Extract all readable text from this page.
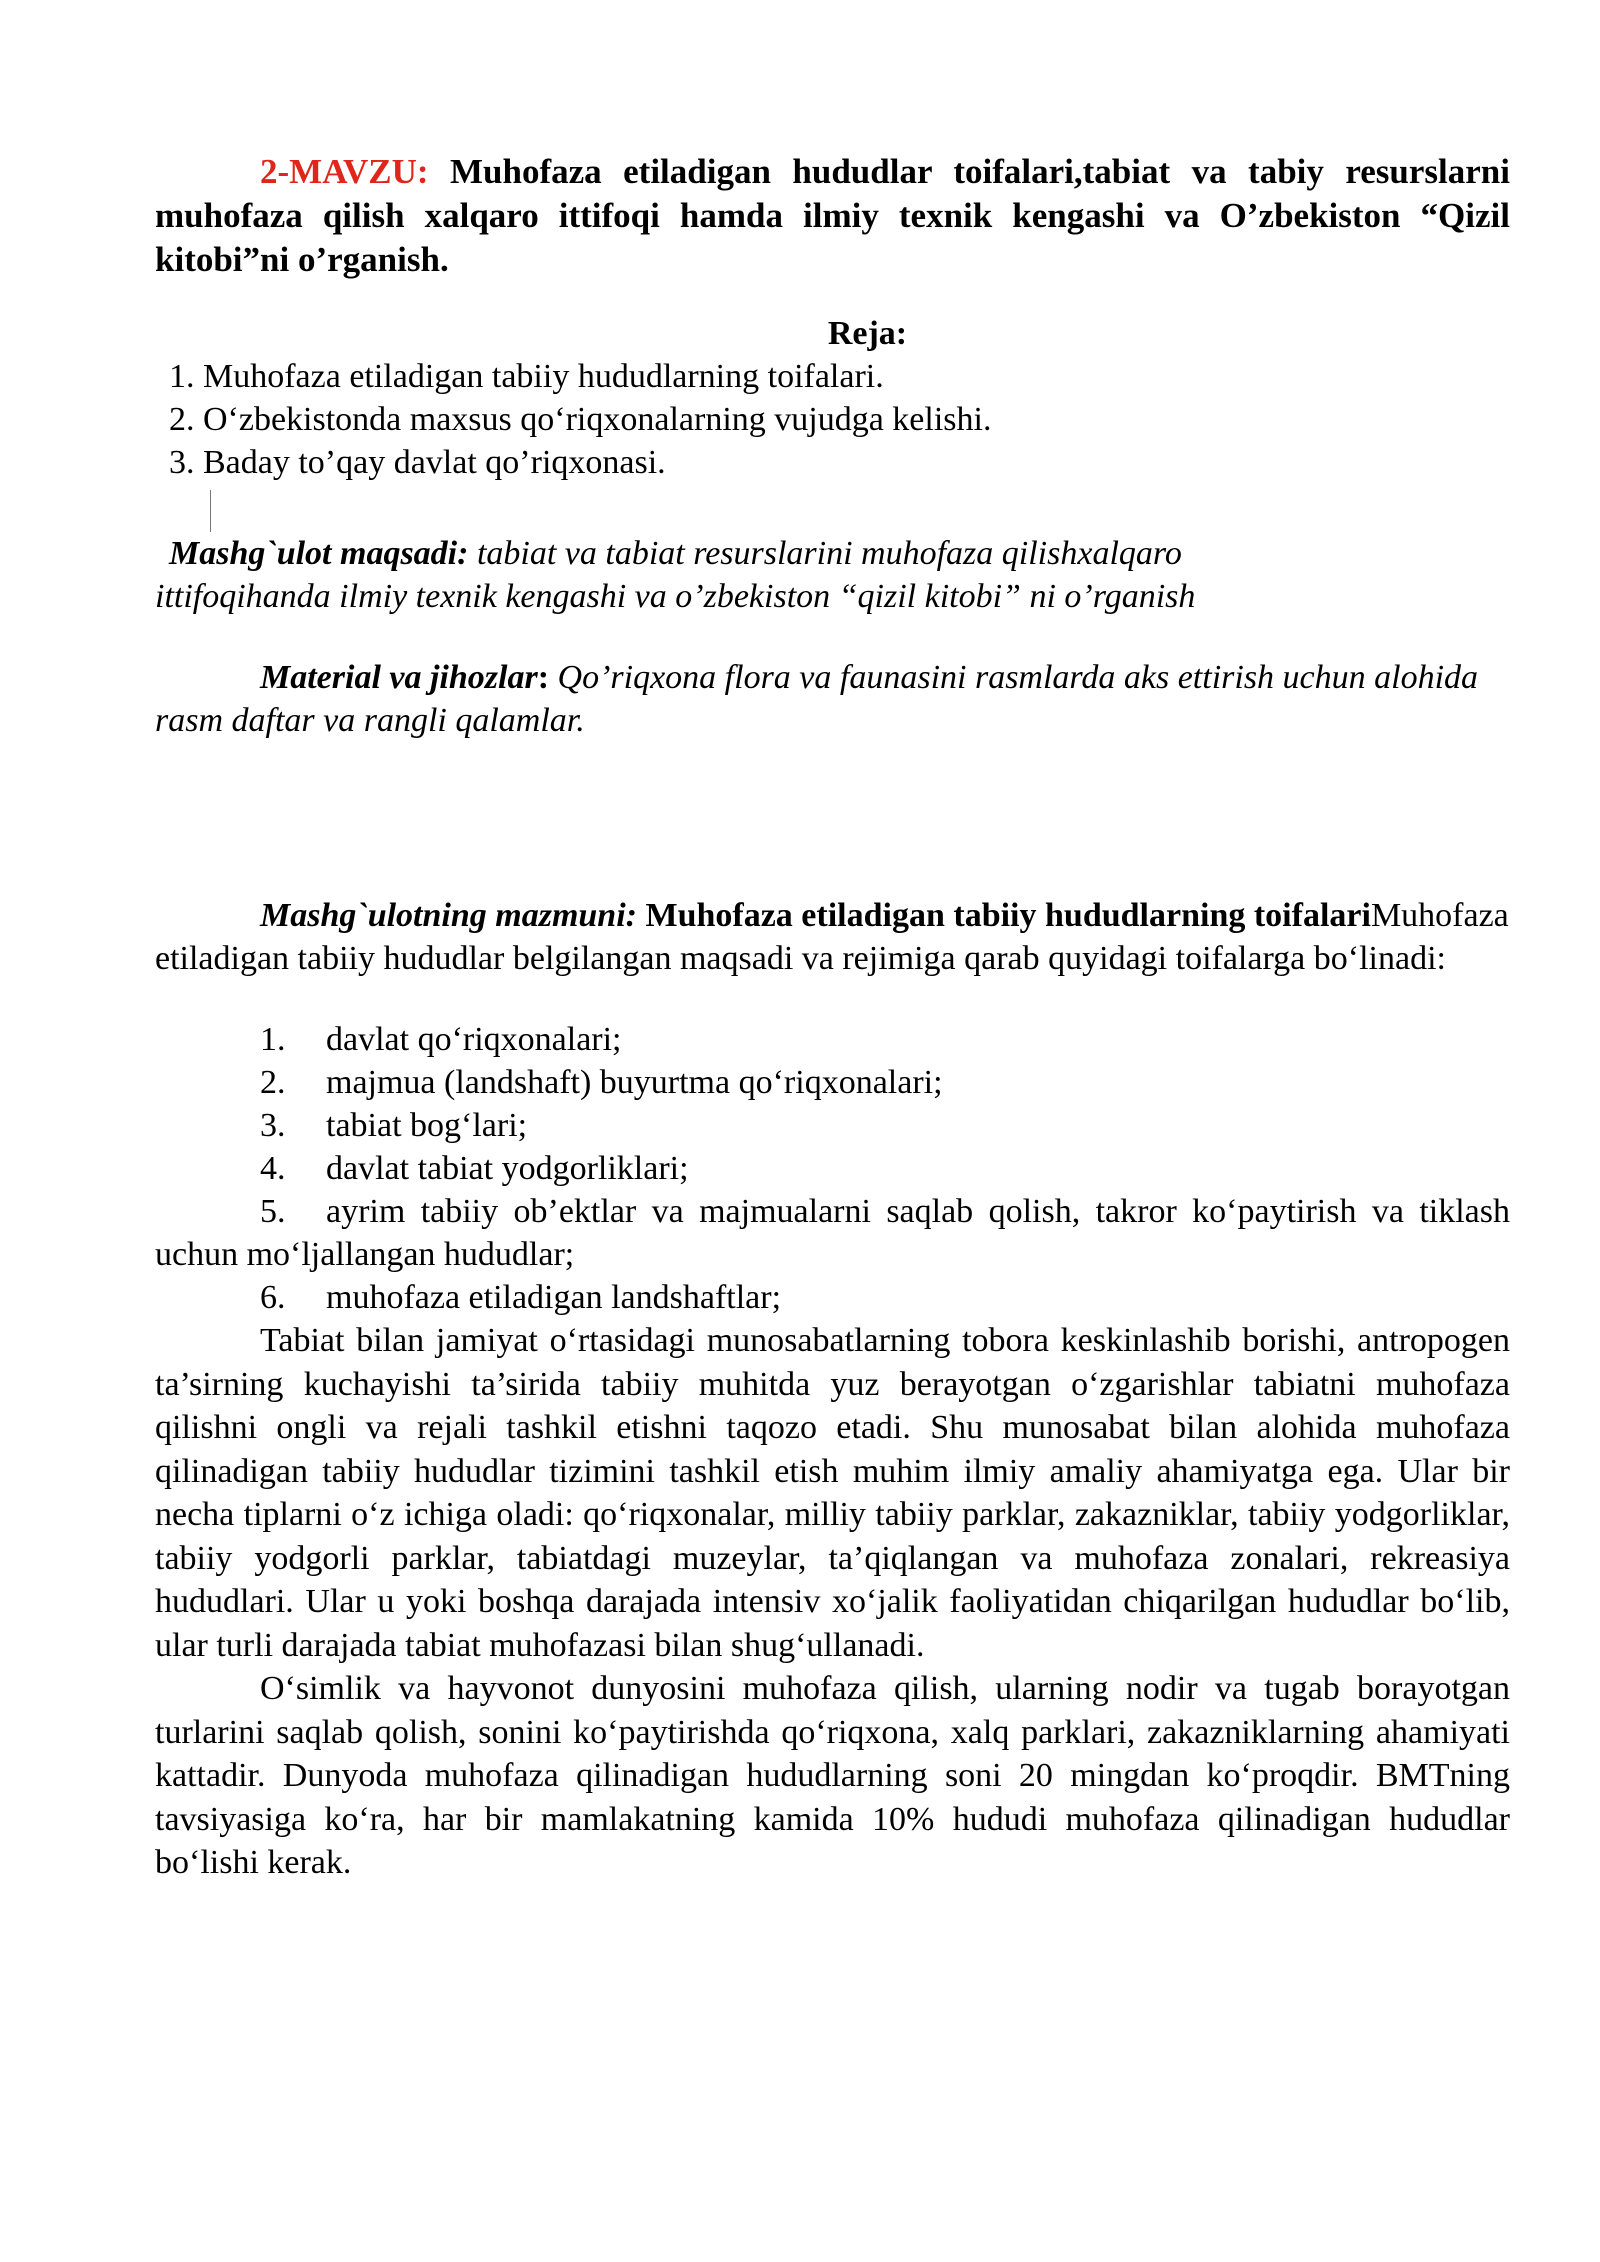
2-MAVZU: Muhofaza etiladigan hududlar toifalari,tabiat va tabiy resurslarni muhofaza qilish xalqaro ittifoqi hamda ilmiy texnik kengashi va O’zbekiston “Qizil kitobi”ni o’rganish.

Reja:
1. Muhofaza etiladigan tabiiy hududlarning toifalari.
2. O‘zbekistonda maxsus qo‘riqxonalarning vujudga kelishi.
3. Baday to’qay davlat qo’riqxonasi.

Mashg`ulot maqsadi: tabiat va tabiat resurslarini muhofaza qilishxalqaro

ittifoqihanda ilmiy texnik kengashi va o’zbekiston “qizil kitobi” ni o’rganish

Material va jihozlar: Qo’riqxona flora va faunasini rasmlarda aks ettirish uchun alohida rasm daftar va rangli qalamlar.

Mashg`ulotning mazmuni: Muhofaza etiladigan tabiiy hududlarning toifalariMuhofaza etiladigan tabiiy hududlar belgilangan maqsadi va rejimiga qarab quyidagi toifalarga bo‘linadi:

1. davlat qo‘riqxonalari;
2. majmua (landshaft) buyurtma qo‘riqxonalari;
3. tabiat bog‘lari;
4. davlat tabiat yodgorliklari;
5. ayrim tabiiy ob’ektlar va majmualarni saqlab qolish, takror ko‘paytirish va tiklash uchun mo‘ljallangan hududlar;
6. muhofaza etiladigan landshaftlar;

Tabiat bilan jamiyat o‘rtasidagi munosabatlarning tobora keskinlashib borishi, antropogen ta’sirning kuchayishi ta’sirida tabiiy muhitda yuz berayotgan o‘zgarishlar tabiatni muhofaza qilishni ongli va rejali tashkil etishni taqozo etadi. Shu munosabat bilan alohida muhofaza qilinadigan tabiiy hududlar tizimini tashkil etish muhim ilmiy amaliy ahamiyatga ega. Ular bir necha tiplarni o‘z ichiga oladi: qo‘riqxonalar, milliy tabiiy parklar, zakazniklar, tabiiy yodgorliklar, tabiiy yodgorli parklar, tabiatdagi muzeylar, ta’qiqlangan va muhofaza zonalari, rekreasiya hududlari. Ular u yoki boshqa darajada intensiv xo‘jalik faoliyatidan chiqarilgan hududlar bo‘lib, ular turli darajada tabiat muhofazasi bilan shug‘ullanadi.

O‘simlik va hayvonot dunyosini muhofaza qilish, ularning nodir va tugab borayotgan turlarini saqlab qolish, sonini ko‘paytirishda qo‘riqxona, xalq parklari, zakazniklarning ahamiyati kattadir. Dunyoda muhofaza qilinadigan hududlarning soni 20 mingdan ko‘proqdir. BMTning tavsiyasiga ko‘ra, har bir mamlakatning kamida 10% hududi muhofaza qilinadigan hududlar bo‘lishi kerak.
